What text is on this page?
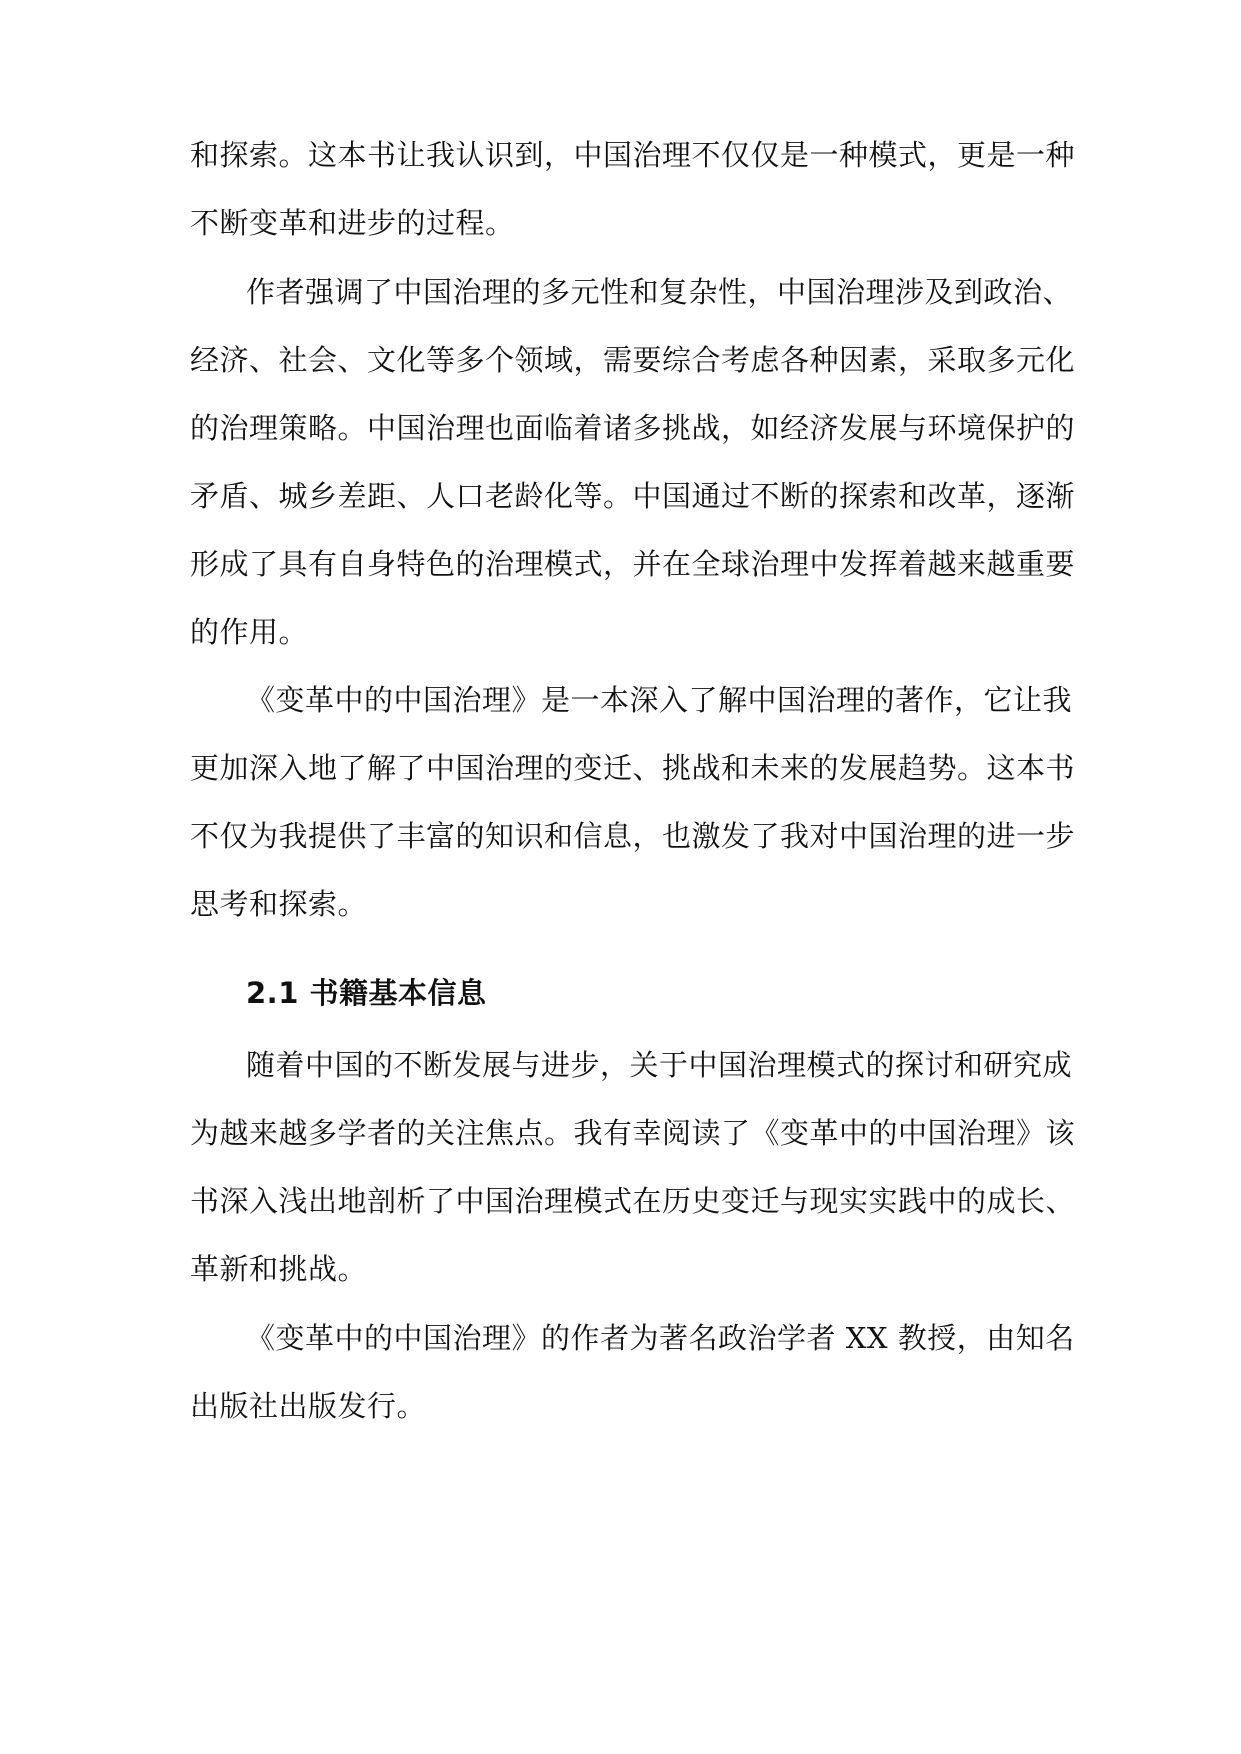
和探索。这本书让我认识到，中国治理不仅仅是一种模式，更是一种
不断变革和进步的过程。
作者强调了中国治理的多元性和复杂性，中国治理涉及到政治、
经济、社会、文化等多个领域，需要综合考虑各种因素，采取多元化
的治理策略。中国治理也面临着诸多挑战，如经济发展与环境保护的
矛盾、城乡差距、人口老龄化等。中国通过不断的探索和改革，逐渐
形成了具有自身特色的治理模式，并在全球治理中发挥着越来越重要
的作用。
《变革中的中国治理》是一本深入了解中国治理的著作，它让我
更加深入地了解了中国治理的变迁、挑战和未来的发展趋势。这本书
不仅为我提供了丰富的知识和信息，也激发了我对中国治理的进一步
思考和探索。
2.1 书籍基本信息
随着中国的不断发展与进步，关于中国治理模式的探讨和研究成
为越来越多学者的关注焦点。我有幸阅读了《变革中的中国治理》该
书深入浅出地剖析了中国治理模式在历史变迁与现实实践中的成长、
革新和挑战。
《变革中的中国治理》的作者为著名政治学者 XX 教授，由知名
出版社出版发行。
